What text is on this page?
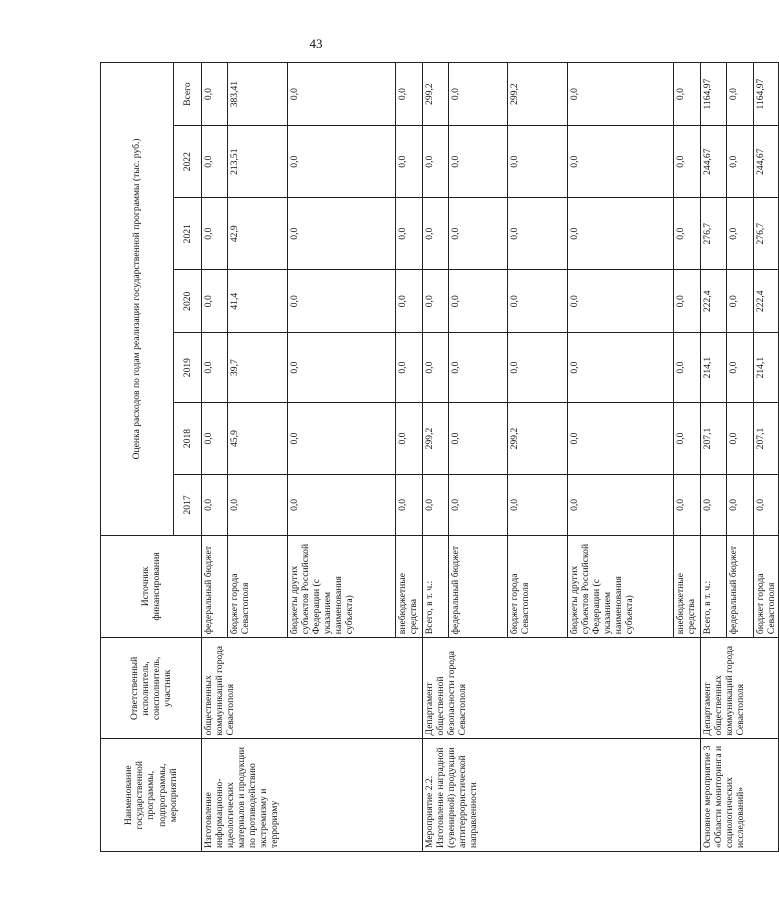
43
Наименование государственной программы, подпрограммы, мероприятий	Ответственный исполнитель, соисполнитель, участник	Источник финансирования	Оценка расходов по годам реализации государственной программы (тыс. руб.)						
			2017	2018	2019	2020	2021	2022	Всего
Изготовление информационно-идеологических материалов и продукции по противодействию экстремизму и терроризму	общественных коммуникаций города Севастополя	федеральный бюджет	0,0	0,0	0,0	0,0	0,0	0,0	0,0
		бюджет города Севастополя	0,0	45,9	39,7	41,4	42,9	213,51	383,41
		бюджеты других субъектов Российской Федерации (с указанием наименования субъекта)	0,0	0,0	0,0	0,0	0,0	0,0	0,0
		внебюджетные средства	0,0	0,0	0,0	0,0	0,0	0,0	0,0
Мероприятие 2.2. Изготовление наградной (сувенирной) продукции антитеррористической направленности	Департамент общественной безопасности города Севастополя	Всего, в т. ч.:	0,0	299,2	0,0	0,0	0,0	0,0	299,2
		федеральный бюджет	0,0	0,0	0,0	0,0	0,0	0,0	0,0
		бюджет города Севастополя	0,0	299,2	0,0	0,0	0,0	0,0	299,2
		бюджеты других субъектов Российской Федерации (с указанием наименования субъекта)	0,0	0,0	0,0	0,0	0,0	0,0	0,0
		внебюджетные средства	0,0	0,0	0,0	0,0	0,0	0,0	0,0
Основное мероприятие 3 «Области мониторинга и социологических исследований»	Департамент общественных коммуникаций города Севастополя	Всего, в т. ч.:	0,0	207,1	214,1	222,4	276,7	244,67	1164,97
		федеральный бюджет	0,0	0,0	0,0	0,0	0,0	0,0	0,0
		бюджет города Севастополя	0,0	207,1	214,1	222,4	276,7	244,67	1164,97
